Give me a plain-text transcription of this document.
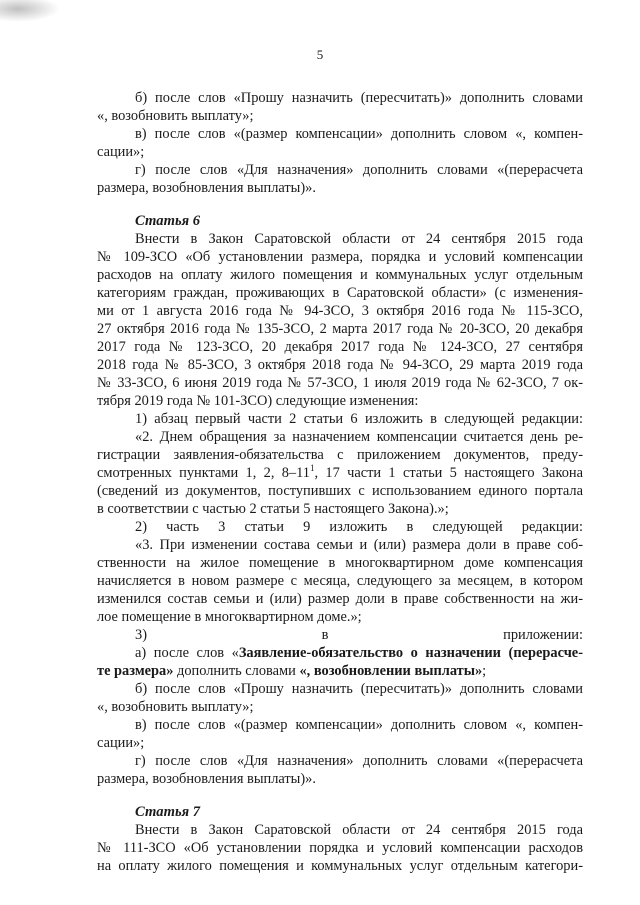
5
б) после слов «Прошу назначить (пересчитать)» дополнить словами
«, возобновить выплату»;
в) после слов «(размер компенсации» дополнить словом «, компен-
сации»;
г) после слов «Для назначения» дополнить словами «(перерасчета
размера, возобновления выплаты)».
Статья 6
Внести в Закон Саратовской области от 24 сентября 2015 года
№ 109-ЗСО «Об установлении размера, порядка и условий компенсации
расходов на оплату жилого помещения и коммунальных услуг отдельным
категориям граждан, проживающих в Саратовской области» (с изменения-
ми от 1 августа 2016 года № 94-ЗСО, 3 октября 2016 года № 115-ЗСО,
27 октября 2016 года № 135-ЗСО, 2 марта 2017 года № 20-ЗСО, 20 декабря
2017 года № 123-ЗСО, 20 декабря 2017 года № 124-ЗСО, 27 сентября
2018 года № 85-ЗСО, 3 октября 2018 года № 94-ЗСО, 29 марта 2019 года
№ 33-ЗСО, 6 июня 2019 года № 57-ЗСО, 1 июля 2019 года № 62-ЗСО, 7 ок-
тября 2019 года № 101-ЗСО) следующие изменения:
1) абзац первый части 2 статьи 6 изложить в следующей редакции:
«2. Днем обращения за назначением компенсации считается день ре-
гистрации заявления-обязательства с приложением документов, преду-
смотренных пунктами 1, 2, $8-11^1$, 17 части 1 статьи 5 настоящего Закона
(сведений из документов, поступивших с использованием единого портала
в соответствии с частью 2 статьи 5 настоящего Закона).»;
2) часть 3 статьи 9 изложить в следующей редакции:
«3. При изменении состава семьи и (или) размера доли в праве соб-
ственности на жилое помещение в многоквартирном доме компенсация
начисляется в новом размере с месяца, следующего за месяцем, в котором
изменился состав семьи и (или) размер доли в праве собственности на жи-
лое помещение в многоквартирном доме.»;
3) в приложении:
а) после слов «Заявление-обязательство о назначении (перерасче-
те размера» дополнить словами «, возобновлении выплаты»;
б) после слов «Прошу назначить (пересчитать)» дополнить словами
«, возобновить выплату»;
в) после слов «(размер компенсации» дополнить словом «, компен-
сации»;
г) после слов «Для назначения» дополнить словами «(перерасчета
размера, возобновления выплаты)».
Статья 7
Внести в Закон Саратовской области от 24 сентября 2015 года
№ 111-ЗСО «Об установлении порядка и условий компенсации расходов
на оплату жилого помещения и коммунальных услуг отдельным категори-
